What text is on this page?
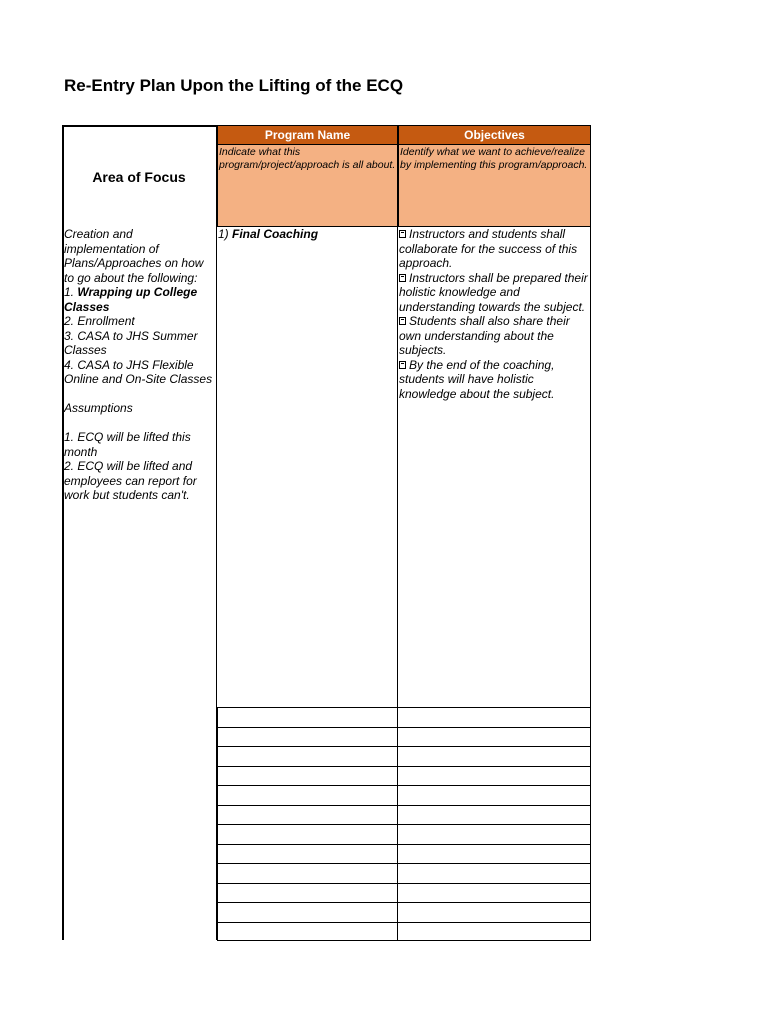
Re-Entry Plan Upon the Lifting of the ECQ
Area of Focus
Program Name	Objectives
Indicate what this program/project/approach is all about.
Identify what we want to achieve/realize by implementing this program/approach.
Creation and implementation of Plans/Approaches on how to go about the following:
1. Wrapping up College Classes
2. Enrollment
3. CASA to JHS Summer Classes
4. CASA to JHS Flexible Online and On-Site Classes
Assumptions
1. ECQ will be lifted this month
2. ECQ will be lifted and employees can report for work but students can't.
1) Final Coaching	Instructors and students shall collaborate for the success of this approach.
Instructors shall be prepared their holistic knowledge and understanding towards the subject.
Students shall also share their own understanding about the subjects.
By the end of the coaching, students will have holistic knowledge about the subject.
